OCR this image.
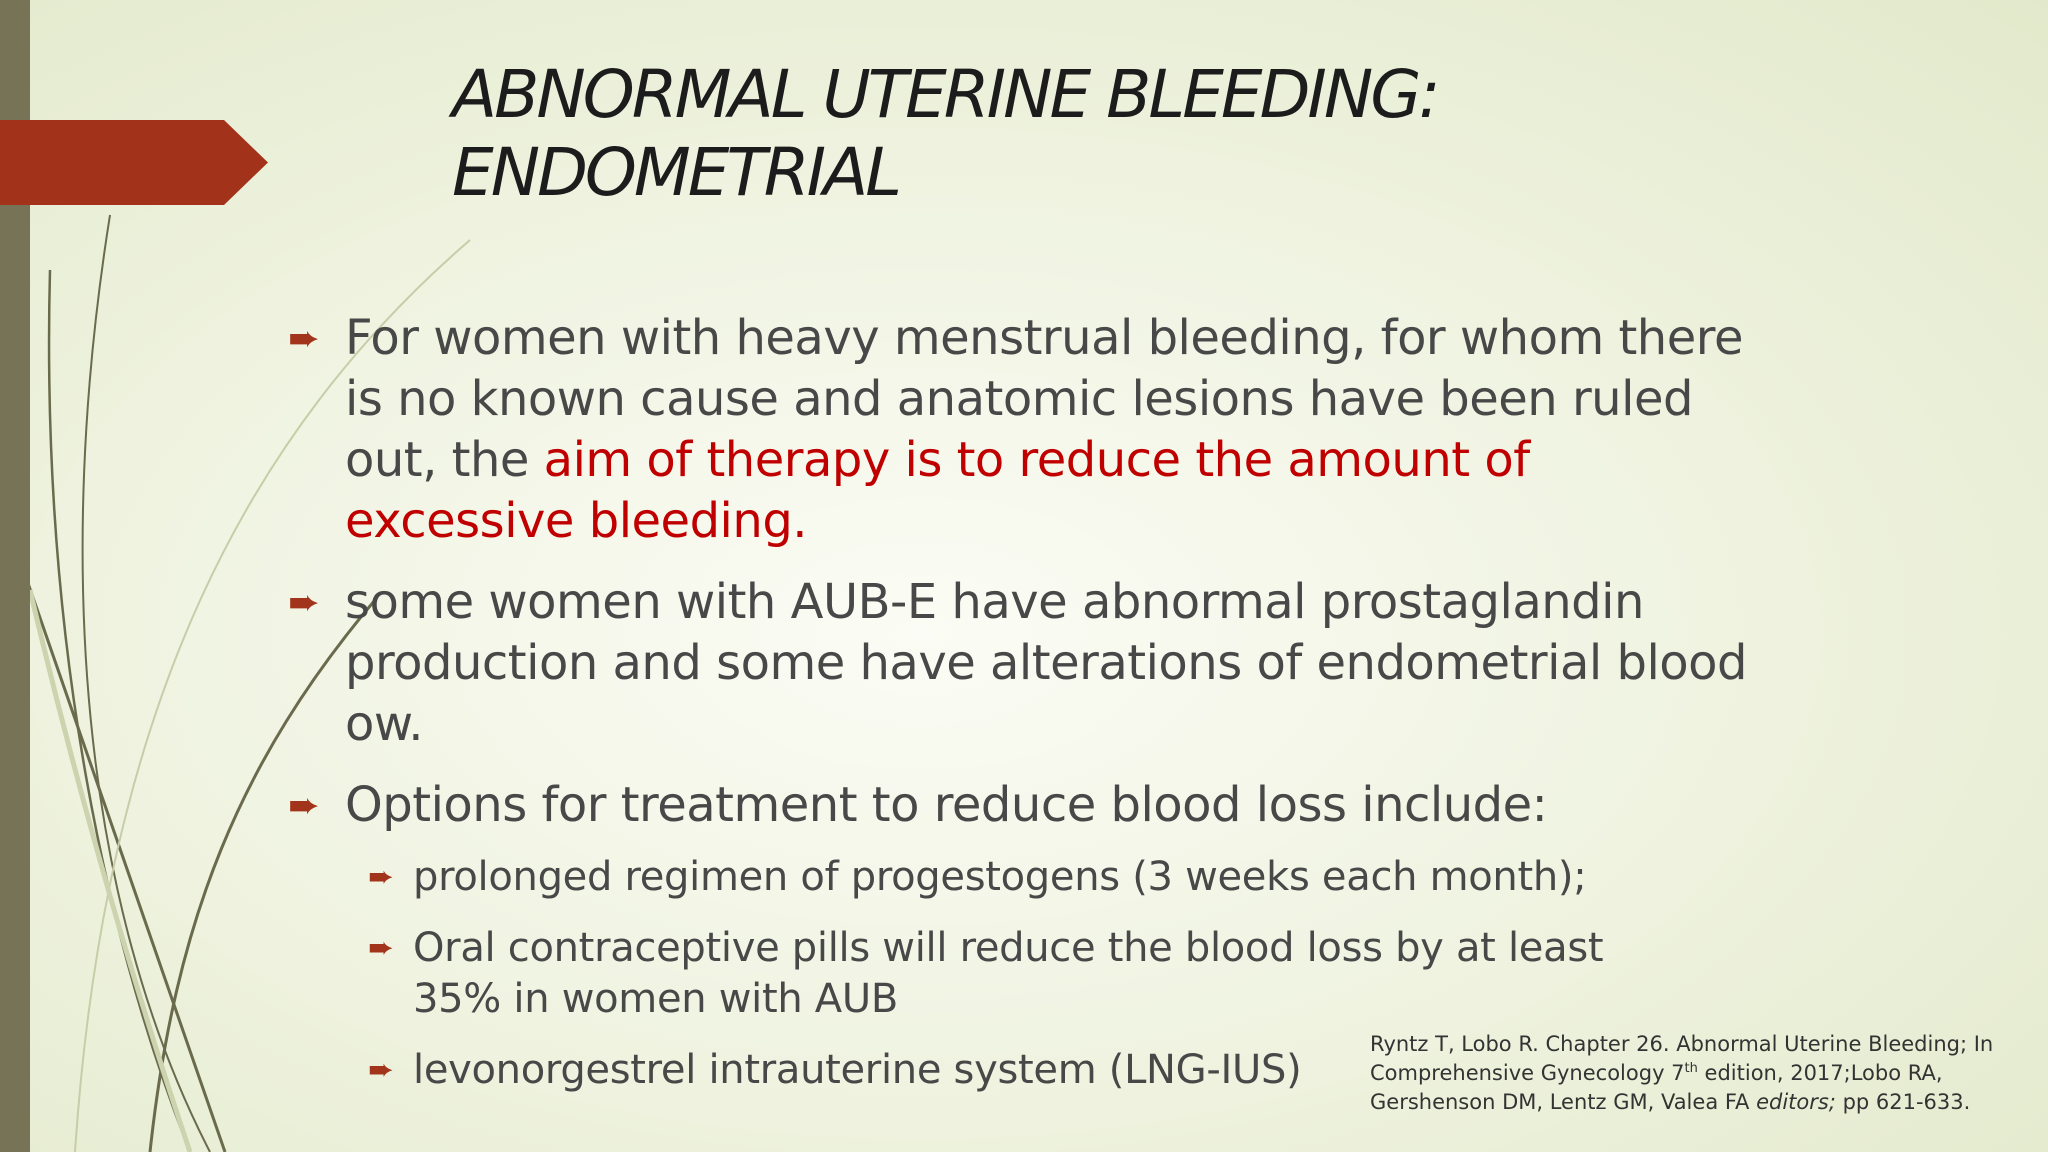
ABNORMAL UTERINE BLEEDING:
ENDOMETRIAL
➨ For women with heavy menstrual bleeding, for whom there is no known cause and anatomic lesions have been ruled out, the aim of therapy is to reduce the amount of excessive bleeding.
➨ some women with AUB-E have abnormal prostaglandin production and some have alterations of endometrial blood ow.
➨ Options for treatment to reduce blood loss include:
➨ prolonged regimen of progestogens (3 weeks each month);
➨ Oral contraceptive pills will reduce the blood loss by at least 35% in women with AUB
➨ levonorgestrel intrauterine system (LNG-IUS)
Ryntz T, Lobo R. Chapter 26. Abnormal Uterine Bleeding; In Comprehensive Gynecology 7th edition, 2017;Lobo RA, Gershenson DM, Lentz GM, Valea FA editors; pp 621-633.
